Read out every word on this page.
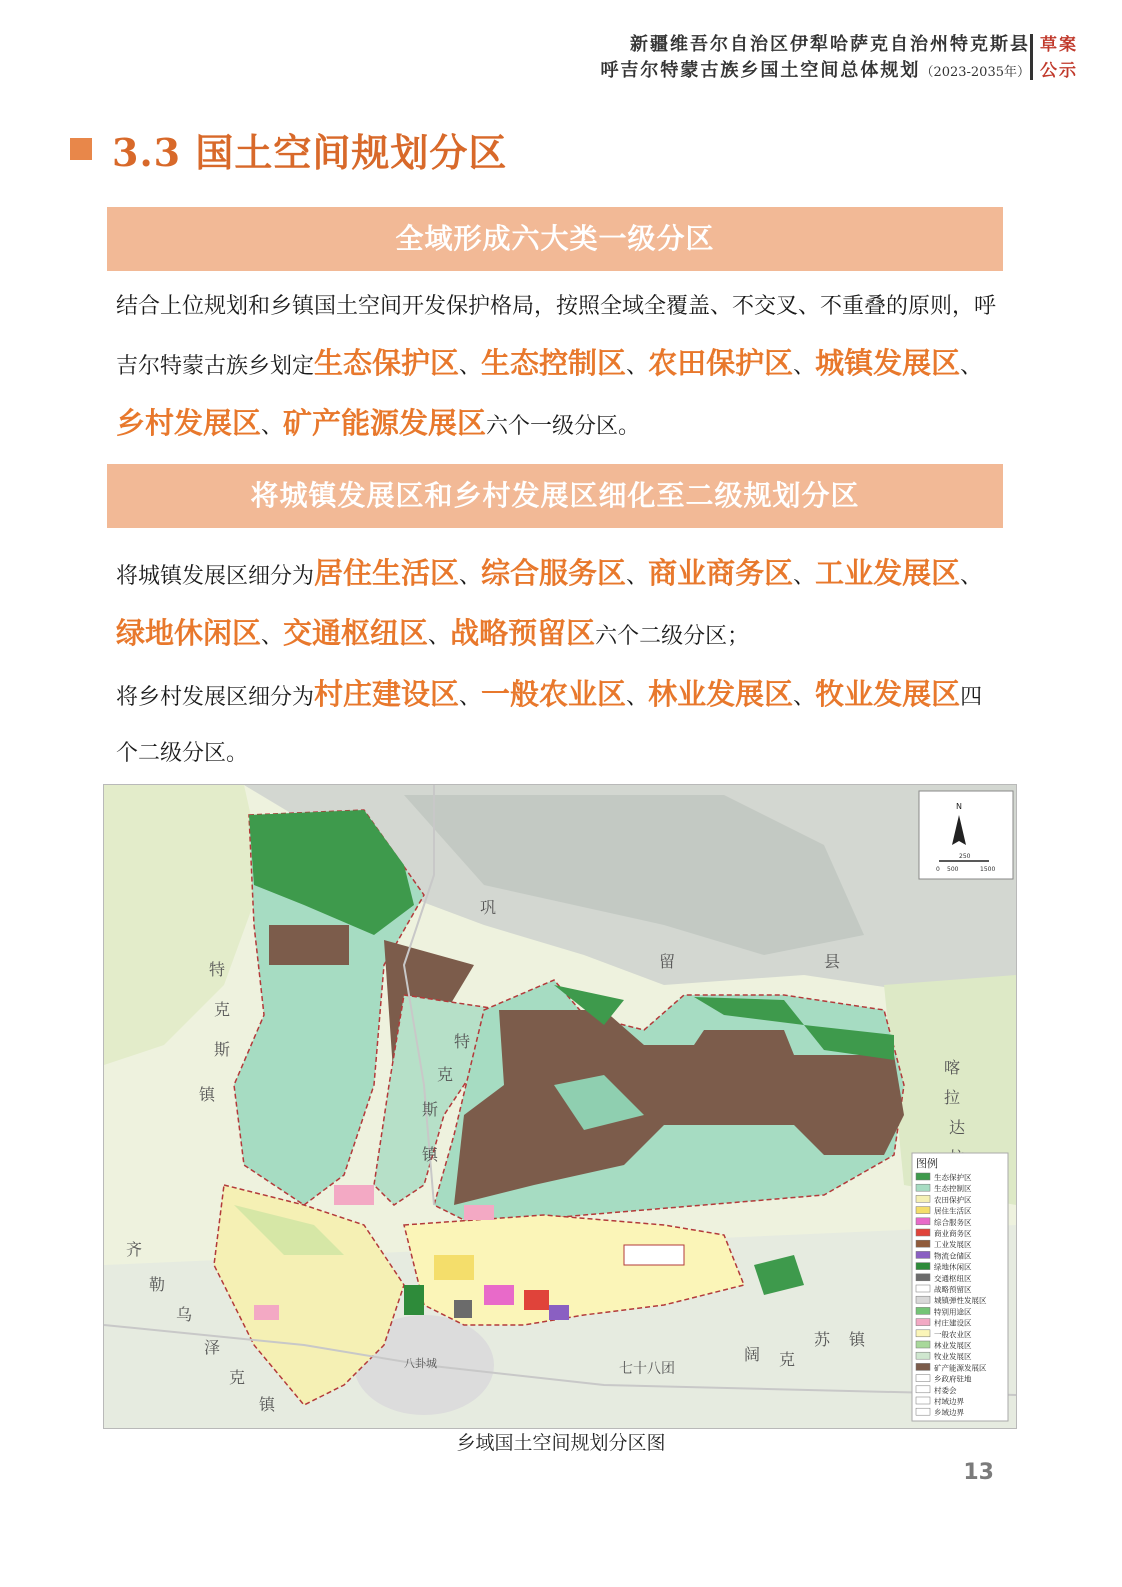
新疆维吾尔自治区伊犁哈萨克自治州特克斯县
呼吉尔特蒙古族乡国土空间总体规划（2023-2035年）
草案
公示
3.3 国土空间规划分区
全域形成六大类一级分区
结合上位规划和乡镇国土空间开发保护格局，按照全域全覆盖、不交叉、不重叠的原则，呼吉尔特蒙古族乡划定生态保护区、生态控制区、农田保护区、城镇发展区、乡村发展区、矿产能源发展区六个一级分区。
将城镇发展区和乡村发展区细化至二级规划分区
将城镇发展区细分为居住生活区、综合服务区、商业商务区、工业发展区、绿地休闲区、交通枢纽区、战略预留区六个二级分区；
将乡村发展区细分为村庄建设区、一般农业区、林业发展区、牧业发展区四个二级分区。
巩
留	县
特
克
斯
镇
特
克
斯
镇
喀
拉
达
齐
勒
乌
泽
克
镇
七十八团
阔 克
苏 镇
八卦城
N
0
250
500	1500
图例
生态保护区
生态控制区
农田保护区
居住生活区
综合服务区
商业商务区
工业发展区
物流仓储区
绿地休闲区
交通枢纽区
战略预留区
城镇弹性发展区
特别用途区
村庄建设区
一般农业区
林业发展区
牧业发展区
矿产能源发展区
乡政府驻地
村委会
村域边界
乡域边界
乡域国土空间规划分区图
13
